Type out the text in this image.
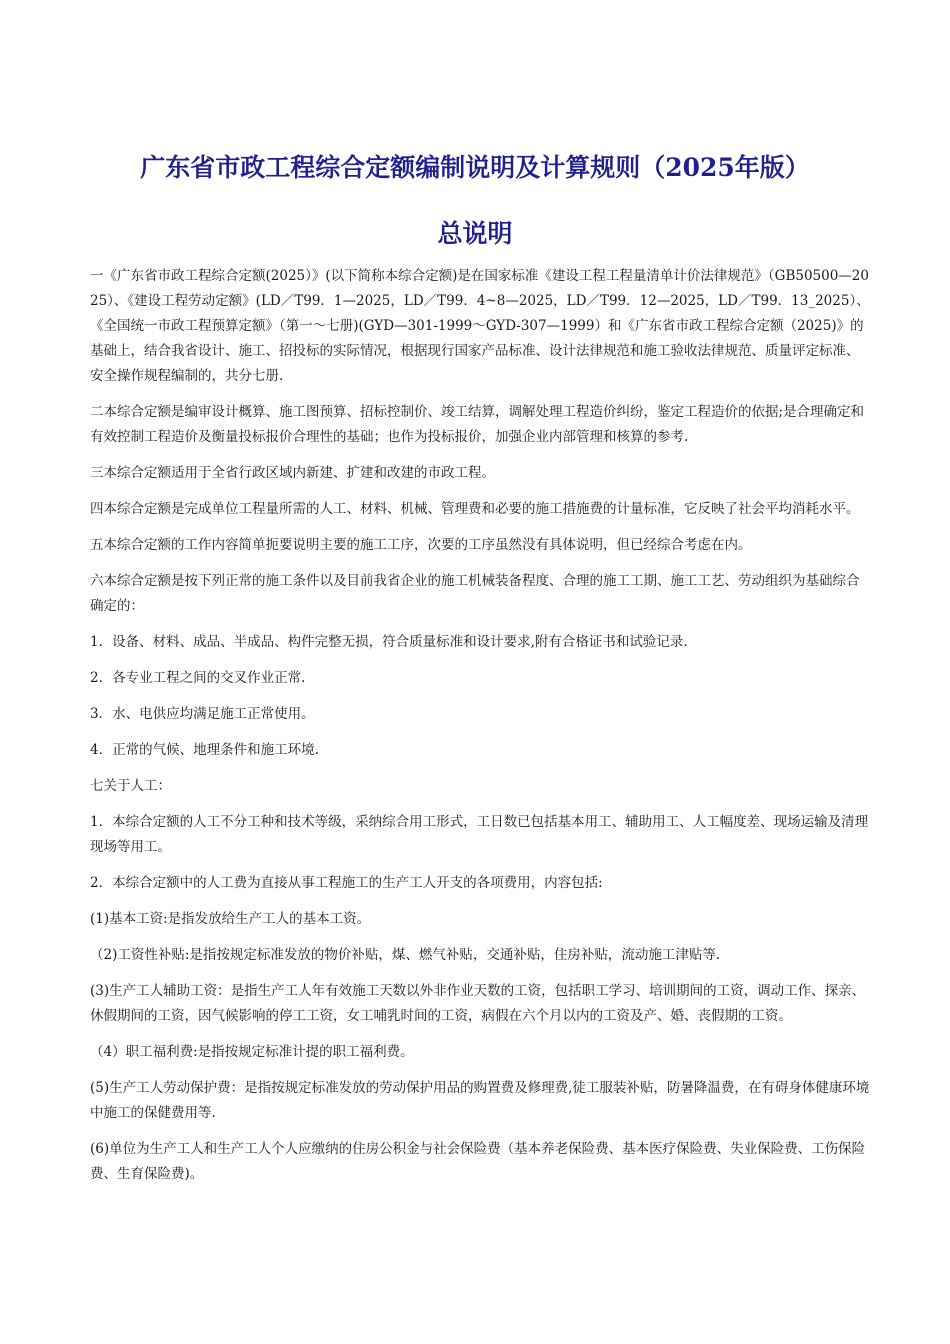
广东省市政工程综合定额编制说明及计算规则（2025年版）
总说明

一《广东省市政工程综合定额(2025）》(以下简称本综合定额)是在国家标准《建设工程工程量清单计价法律规范》（GB50500—2025）、《建设工程劳动定额》(LD／T99．1—2025，LD／T99．4~8—2025，LD／T99．12—2025，LD／T99．13_2025）、《全国统一市政工程预算定额》（第一～七册)(GYD—301-1999～GYD-307—1999）和《广东省市政工程综合定额（2025)》的基础上，结合我省设计、施工、招投标的实际情况，根据现行国家产品标准、设计法律规范和施工验收法律规范、质量评定标准、安全操作规程编制的，共分七册.

二本综合定额是编审设计概算、施工图预算、招标控制价、竣工结算，调解处理工程造价纠纷，鉴定工程造价的依据;是合理确定和有效控制工程造价及衡量投标报价合理性的基础；也作为投标报价，加强企业内部管理和核算的参考.

三本综合定额适用于全省行政区域内新建、扩建和改建的市政工程。

四本综合定额是完成单位工程量所需的人工、材料、机械、管理费和必要的施工措施费的计量标准，它反映了社会平均消耗水平。

五本综合定额的工作内容简单扼要说明主要的施工工序，次要的工序虽然没有具体说明，但已经综合考虑在内。

六本综合定额是按下列正常的施工条件以及目前我省企业的施工机械装备程度、合理的施工工期、施工工艺、劳动组织为基础综合确定的：

1．设备、材料、成品、半成品、构件完整无损，符合质量标准和设计要求,附有合格证书和试验记录.

2．各专业工程之间的交叉作业正常.

3．水、电供应均满足施工正常使用。

4．正常的气候、地理条件和施工环境.

七关于人工：

1．本综合定额的人工不分工种和技术等级，采纳综合用工形式，工日数已包括基本用工、辅助用工、人工幅度差、现场运输及清理现场等用工。

2．本综合定额中的人工费为直接从事工程施工的生产工人开支的各项费用，内容包括:

(1)基本工资:是指发放给生产工人的基本工资。

（2)工资性补贴:是指按规定标准发放的物价补贴，煤、燃气补贴，交通补贴，住房补贴，流动施工津贴等.

(3)生产工人辅助工资：是指生产工人年有效施工天数以外非作业天数的工资，包括职工学习、培训期间的工资，调动工作、探亲、休假期间的工资，因气候影响的停工工资，女工哺乳时间的工资，病假在六个月以内的工资及产、婚、丧假期的工资。

（4）职工福利费:是指按规定标准计提的职工福利费。

(5)生产工人劳动保护费：是指按规定标准发放的劳动保护用品的购置费及修理费,徒工服装补贴，防暑降温费，在有碍身体健康环境中施工的保健费用等.

(6)单位为生产工人和生产工人个人应缴纳的住房公积金与社会保险费（基本养老保险费、基本医疗保险费、失业保险费、工伤保险费、生育保险费)。
